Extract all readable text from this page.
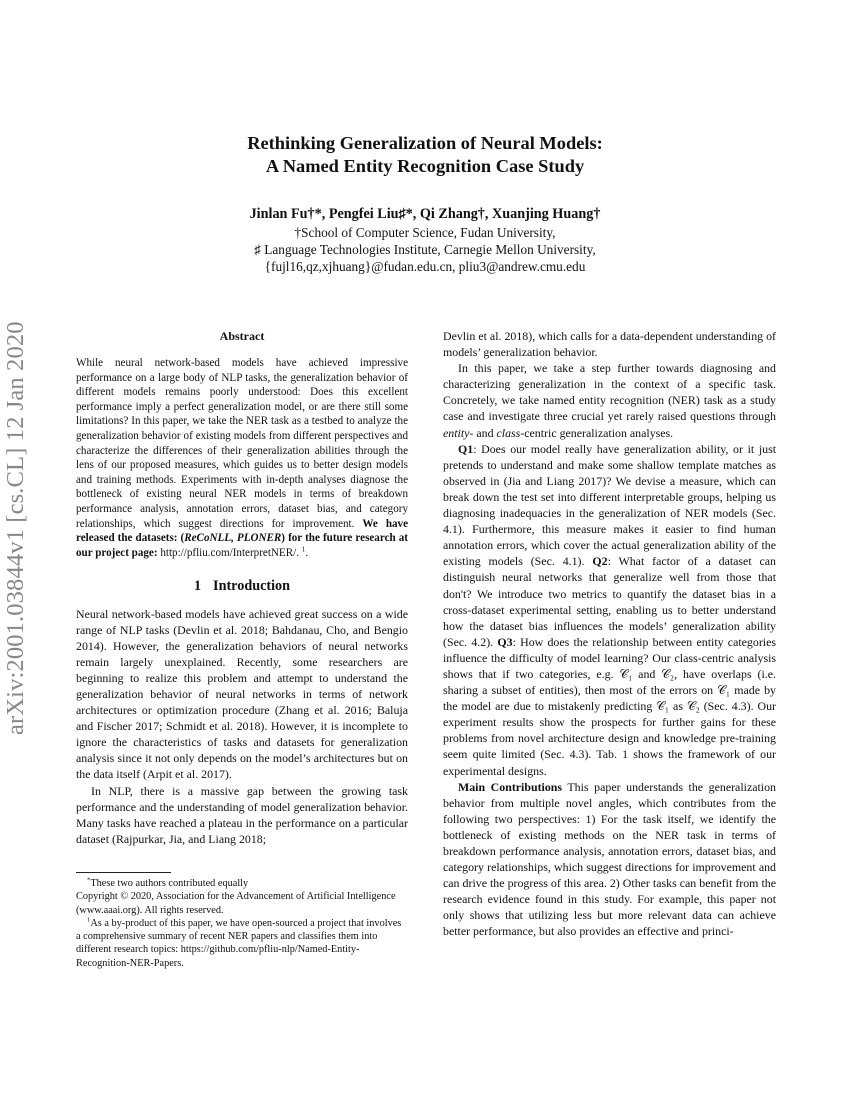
arXiv:2001.03844v1 [cs.CL] 12 Jan 2020
Rethinking Generalization of Neural Models:
A Named Entity Recognition Case Study
Jinlan Fu†*, Pengfei Liu♯*, Qi Zhang†, Xuanjing Huang†
†School of Computer Science, Fudan University,
♯ Language Technologies Institute, Carnegie Mellon University,
{fujl16,qz,xjhuang}@fudan.edu.cn, pliu3@andrew.cmu.edu
Abstract

While neural network-based models have achieved impressive performance on a large body of NLP tasks, the generalization behavior of different models remains poorly understood: Does this excellent performance imply a perfect generalization model, or are there still some limitations? In this paper, we take the NER task as a testbed to analyze the generalization behavior of existing models from different perspectives and characterize the differences of their generalization abilities through the lens of our proposed measures, which guides us to better design models and training methods. Experiments with in-depth analyses diagnose the bottleneck of existing neural NER models in terms of breakdown performance analysis, annotation errors, dataset bias, and category relationships, which suggest directions for improvement. We have released the datasets: (ReCoNLL, PLONER) for the future research at our project page: http://pfliu.com/InterpretNER/. $^1$.

1 Introduction

Neural network-based models have achieved great success on a wide range of NLP tasks (Devlin et al. 2018; Bahdanau, Cho, and Bengio 2014). However, the generalization behaviors of neural networks remain largely unexplained. Recently, some researchers are beginning to realize this problem and attempt to understand the generalization behavior of neural networks in terms of network architectures or optimization procedure (Zhang et al. 2016; Baluja and Fischer 2017; Schmidt et al. 2018). However, it is incomplete to ignore the characteristics of tasks and datasets for generalization analysis since it not only depends on the model’s architectures but on the data itself (Arpit et al. 2017).

In NLP, there is a massive gap between the growing task performance and the understanding of model generalization behavior. Many tasks have reached a plateau in the performance on a particular dataset (Rajpurkar, Jia, and Liang 2018;

*These two authors contributed equally

Copyright © 2020, Association for the Advancement of Artificial Intelligence (www.aaai.org). All rights reserved.

$^1$As a by-product of this paper, we have open-sourced a project that involves a comprehensive summary of recent NER papers and classifies them into different research topics: https://github.com/pfliu-nlp/Named-Entity-Recognition-NER-Papers.

Devlin et al. 2018), which calls for a data-dependent understanding of models’ generalization behavior.

In this paper, we take a step further towards diagnosing and characterizing generalization in the context of a specific task. Concretely, we take named entity recognition (NER) task as a study case and investigate three crucial yet rarely raised questions through entity- and class-centric generalization analyses.

Q1: Does our model really have generalization ability, or it just pretends to understand and make some shallow template matches as observed in (Jia and Liang 2017)? We devise a measure, which can break down the test set into different interpretable groups, helping us diagnosing inadequacies in the generalization of NER models (Sec. 4.1). Furthermore, this measure makes it easier to find human annotation errors, which cover the actual generalization ability of the existing models (Sec. 4.1). Q2: What factor of a dataset can distinguish neural networks that generalize well from those that don't? We introduce two metrics to quantify the dataset bias in a cross-dataset experimental setting, enabling us to better understand how the dataset bias influences the models’ generalization ability (Sec. 4.2). Q3: How does the relationship between entity categories influence the difficulty of model learning? Our class-centric analysis shows that if two categories, e.g. 𝒞₁ and 𝒞₂, have overlaps (i.e. sharing a subset of entities), then most of the errors on 𝒞₁ made by the model are due to mistakenly predicting 𝒞₁ as 𝒞₂ (Sec. 4.3). Our experiment results show the prospects for further gains for these problems from novel architecture design and knowledge pre-training seem quite limited (Sec. 4.3). Tab. 1 shows the framework of our experimental designs.

Main Contributions This paper understands the generalization behavior from multiple novel angles, which contributes from the following two perspectives: 1) For the task itself, we identify the bottleneck of existing methods on the NER task in terms of breakdown performance analysis, annotation errors, dataset bias, and category relationships, which suggest directions for improvement and can drive the progress of this area. 2) Other tasks can benefit from the research evidence found in this study. For example, this paper not only shows that utilizing less but more relevant data can achieve better performance, but also provides an effective and princi-
